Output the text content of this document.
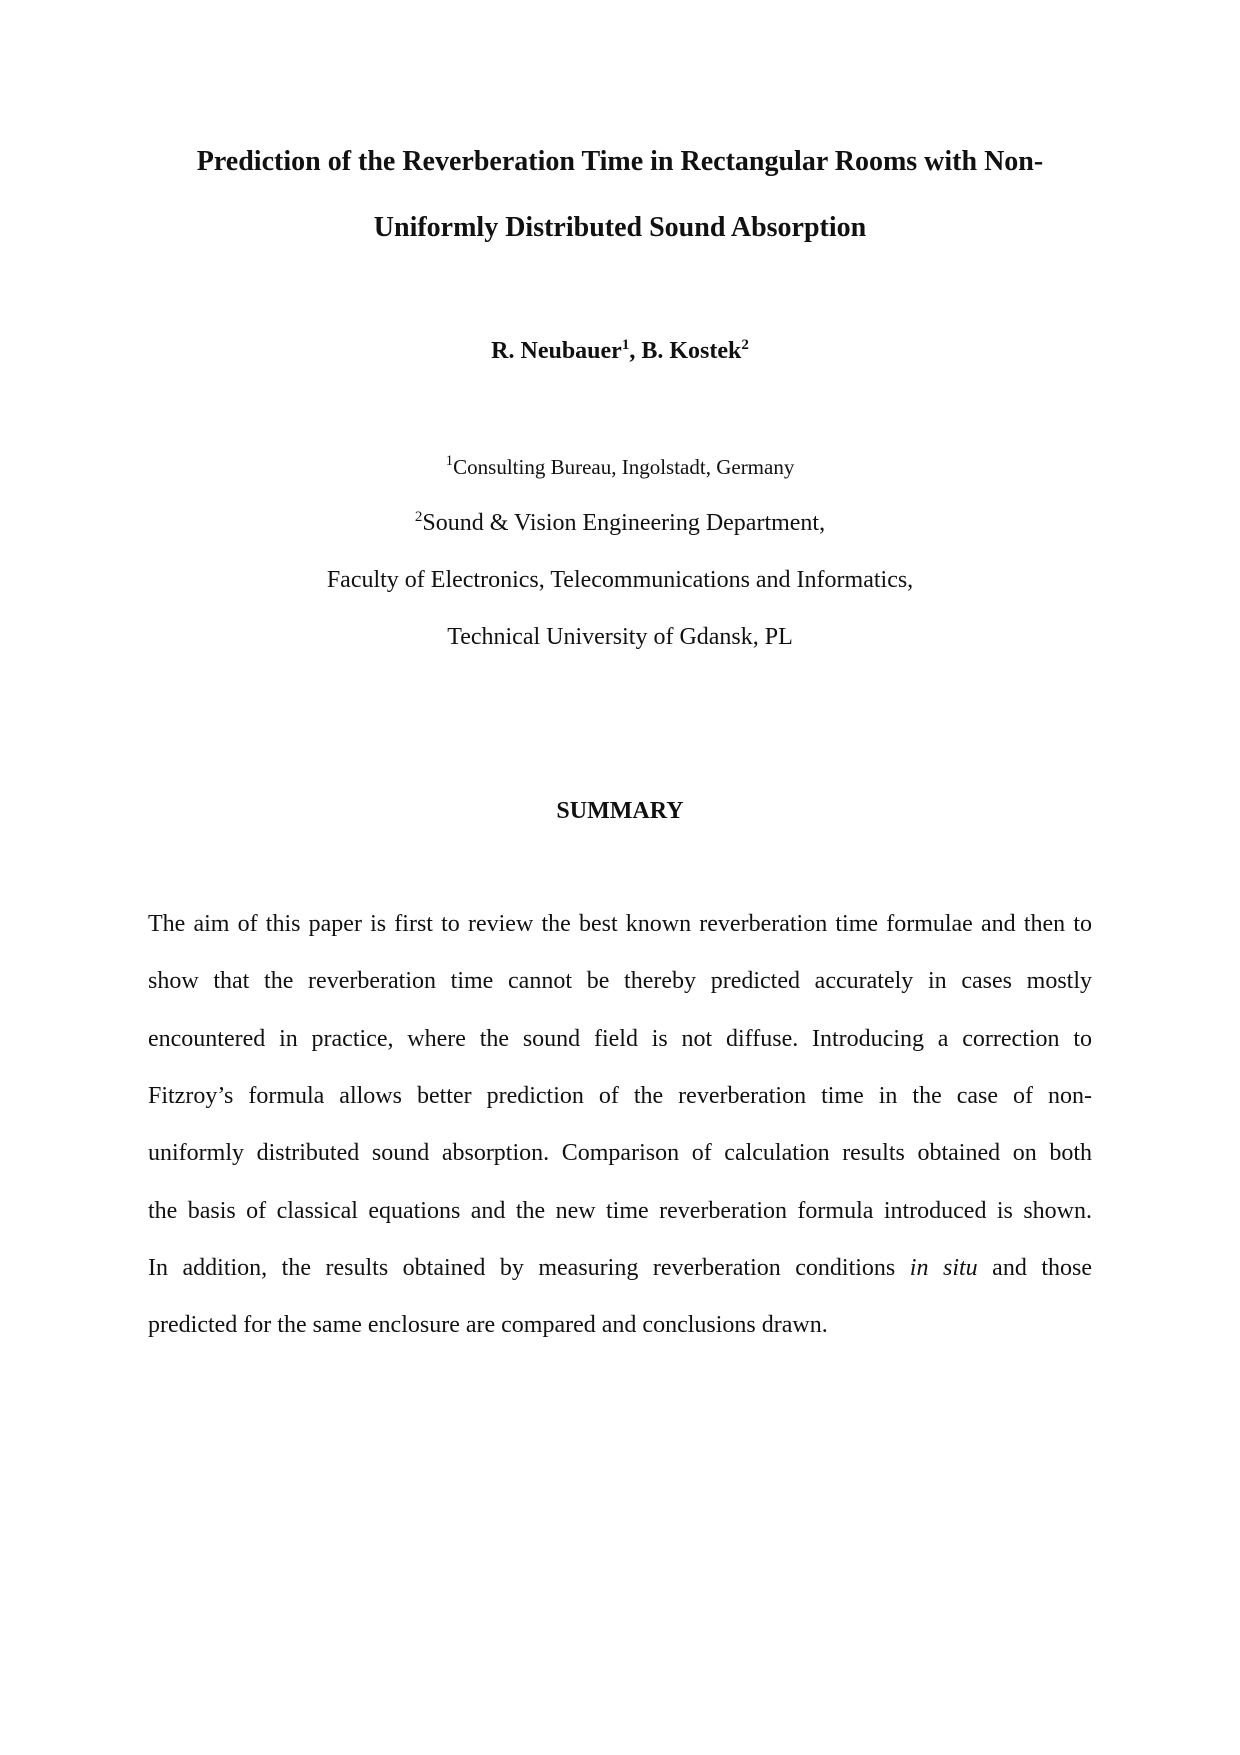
Prediction of the Reverberation Time in Rectangular Rooms with Non-
Uniformly Distributed Sound Absorption

R. Neubauer$^1$, B. Kostek$^2$

$^1$Consulting Bureau, Ingolstadt, Germany

$^2$Sound & Vision Engineering Department,

Faculty of Electronics, Telecommunications and Informatics,

Technical University of Gdansk, PL

SUMMARY

The aim of this paper is first to review the best known reverberation time formulae and then to

show that the reverberation time cannot be thereby predicted accurately in cases mostly

encountered in practice, where the sound field is not diffuse. Introducing a correction to

Fitzroy’s formula allows better prediction of the reverberation time in the case of non-

uniformly distributed sound absorption. Comparison of calculation results obtained on both

the basis of classical equations and the new time reverberation formula introduced is shown.

In addition, the results obtained by measuring reverberation conditions in situ and those

predicted for the same enclosure are compared and conclusions drawn.
